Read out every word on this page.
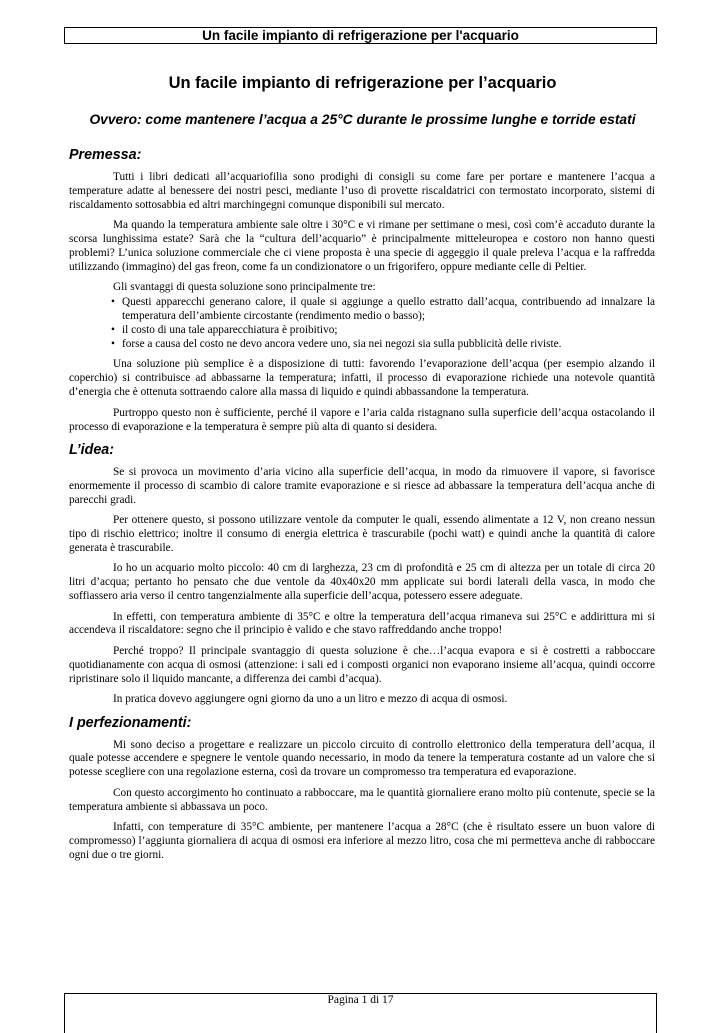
Un facile impianto di refrigerazione per l'acquario
Un facile impianto di refrigerazione per l’acquario
Ovvero: come mantenere l’acqua a 25°C durante le prossime lunghe e torride estati
Premessa:

Tutti i libri dedicati all’acquariofilia sono prodighi di consigli su come fare per portare e mantenere l’acqua a temperature adatte al benessere dei nostri pesci, mediante l’uso di provette riscaldatrici con termostato incorporato, sistemi di riscaldamento sottosabbia ed altri marchingegni comunque disponibili sul mercato.

Ma quando la temperatura ambiente sale oltre i 30°C e vi rimane per settimane o mesi, così com’è accaduto durante la scorsa lunghissima estate? Sarà che la “cultura dell’acquario” è principalmente mitteleuropea e costoro non hanno questi problemi? L’unica soluzione commerciale che ci viene proposta è una specie di aggeggio il quale preleva l’acqua e la raffredda utilizzando (immagino) del gas freon, come fa un condizionatore o un frigorifero, oppure mediante celle di Peltier.

Gli svantaggi di questa soluzione sono principalmente tre:

• Questi apparecchi generano calore, il quale si aggiunge a quello estratto dall’acqua, contribuendo ad innalzare la temperatura dell’ambiente circostante (rendimento medio o basso);
• il costo di una tale apparecchiatura è proibitivo;
• forse a causa del costo ne devo ancora vedere uno, sia nei negozi sia sulla pubblicità delle riviste.

Una soluzione più semplice è a disposizione di tutti: favorendo l’evaporazione dell’acqua (per esempio alzando il coperchio) si contribuisce ad abbassarne la temperatura; infatti, il processo di evaporazione richiede una notevole quantità d’energia che è ottenuta sottraendo calore alla massa di liquido e quindi abbassandone la temperatura.

Purtroppo questo non è sufficiente, perché il vapore e l’aria calda ristagnano sulla superficie dell’acqua ostacolando il processo di evaporazione e la temperatura è sempre più alta di quanto si desidera.

L’idea:

Se si provoca un movimento d’aria vicino alla superficie dell’acqua, in modo da rimuovere il vapore, si favorisce enormemente il processo di scambio di calore tramite evaporazione e si riesce ad abbassare la temperatura dell’acqua anche di parecchi gradi.

Per ottenere questo, si possono utilizzare ventole da computer le quali, essendo alimentate a 12 V, non creano nessun tipo di rischio elettrico; inoltre il consumo di energia elettrica è trascurabile (pochi watt) e quindi anche la quantità di calore generata è trascurabile.

Io ho un acquario molto piccolo: 40 cm di larghezza, 23 cm di profondità e 25 cm di altezza per un totale di circa 20 litri d’acqua; pertanto ho pensato che due ventole da 40x40x20 mm applicate sui bordi laterali della vasca, in modo che soffiassero aria verso il centro tangenzialmente alla superficie dell’acqua, potessero essere adeguate.

In effetti, con temperatura ambiente di 35°C e oltre la temperatura dell’acqua rimaneva sui 25°C e addirittura mi si accendeva il riscaldatore: segno che il principio è valido e che stavo raffreddando anche troppo!

Perché troppo? Il principale svantaggio di questa soluzione è che…l’acqua evapora e si è costretti a rabboccare quotidianamente con acqua di osmosi (attenzione: i sali ed i composti organici non evaporano insieme all’acqua, quindi occorre ripristinare solo il liquido mancante, a differenza dei cambi d’acqua).

In pratica dovevo aggiungere ogni giorno da uno a un litro e mezzo di acqua di osmosi.

I perfezionamenti:

Mi sono deciso a progettare e realizzare un piccolo circuito di controllo elettronico della temperatura dell’acqua, il quale potesse accendere e spegnere le ventole quando necessario, in modo da tenere la temperatura costante ad un valore che si potesse scegliere con una regolazione esterna, così da trovare un compromesso tra temperatura ed evaporazione.

Con questo accorgimento ho continuato a rabboccare, ma le quantità giornaliere erano molto più contenute, specie se la temperatura ambiente si abbassava un poco.

Infatti, con temperature di 35°C ambiente, per mantenere l’acqua a 28°C (che è risultato essere un buon valore di compromesso) l’aggiunta giornaliera di acqua di osmosi era inferiore al mezzo litro, cosa che mi permetteva anche di rabboccare ogni due o tre giorni.

Pagina 1 di 17
